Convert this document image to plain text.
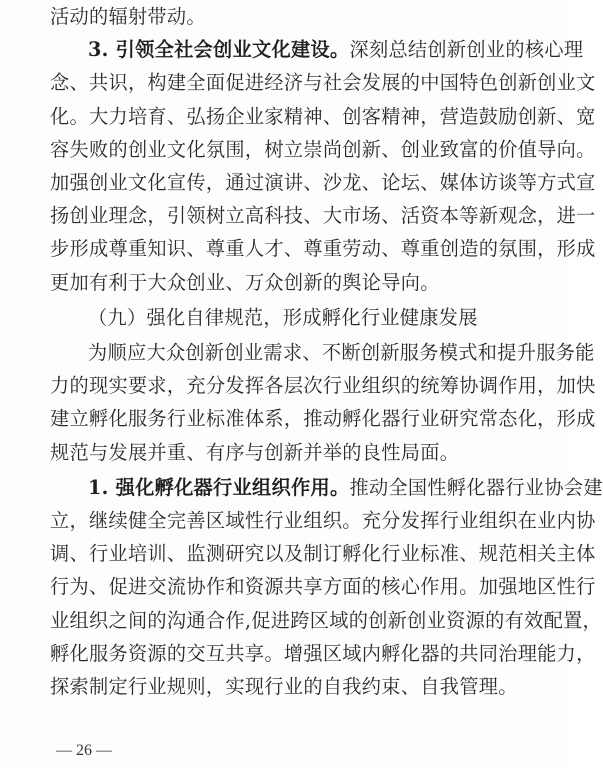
活动的辐射带动。
3. 引领全社会创业文化建设。深刻总结创新创业的核心理
念、共识，构建全面促进经济与社会发展的中国特色创新创业文
化。大力培育、弘扬企业家精神、创客精神，营造鼓励创新、宽
容失败的创业文化氛围，树立崇尚创新、创业致富的价值导向。
加强创业文化宣传，通过演讲、沙龙、论坛、媒体访谈等方式宣
扬创业理念，引领树立高科技、大市场、活资本等新观念，进一
步形成尊重知识、尊重人才、尊重劳动、尊重创造的氛围，形成
更加有利于大众创业、万众创新的舆论导向。
（九）强化自律规范，形成孵化行业健康发展
为顺应大众创新创业需求、不断创新服务模式和提升服务能
力的现实要求，充分发挥各层次行业组织的统筹协调作用，加快
建立孵化服务行业标准体系，推动孵化器行业研究常态化，形成
规范与发展并重、有序与创新并举的良性局面。
1. 强化孵化器行业组织作用。推动全国性孵化器行业协会建
立，继续健全完善区域性行业组织。充分发挥行业组织在业内协
调、行业培训、监测研究以及制订孵化行业标准、规范相关主体
行为、促进交流协作和资源共享方面的核心作用。加强地区性行
业组织之间的沟通合作,促进跨区域的创新创业资源的有效配置，
— 26 —
孵化服务资源的交互共享。增强区域内孵化器的共同治理能力，
探索制定行业规则，实现行业的自我约束、自我管理。
